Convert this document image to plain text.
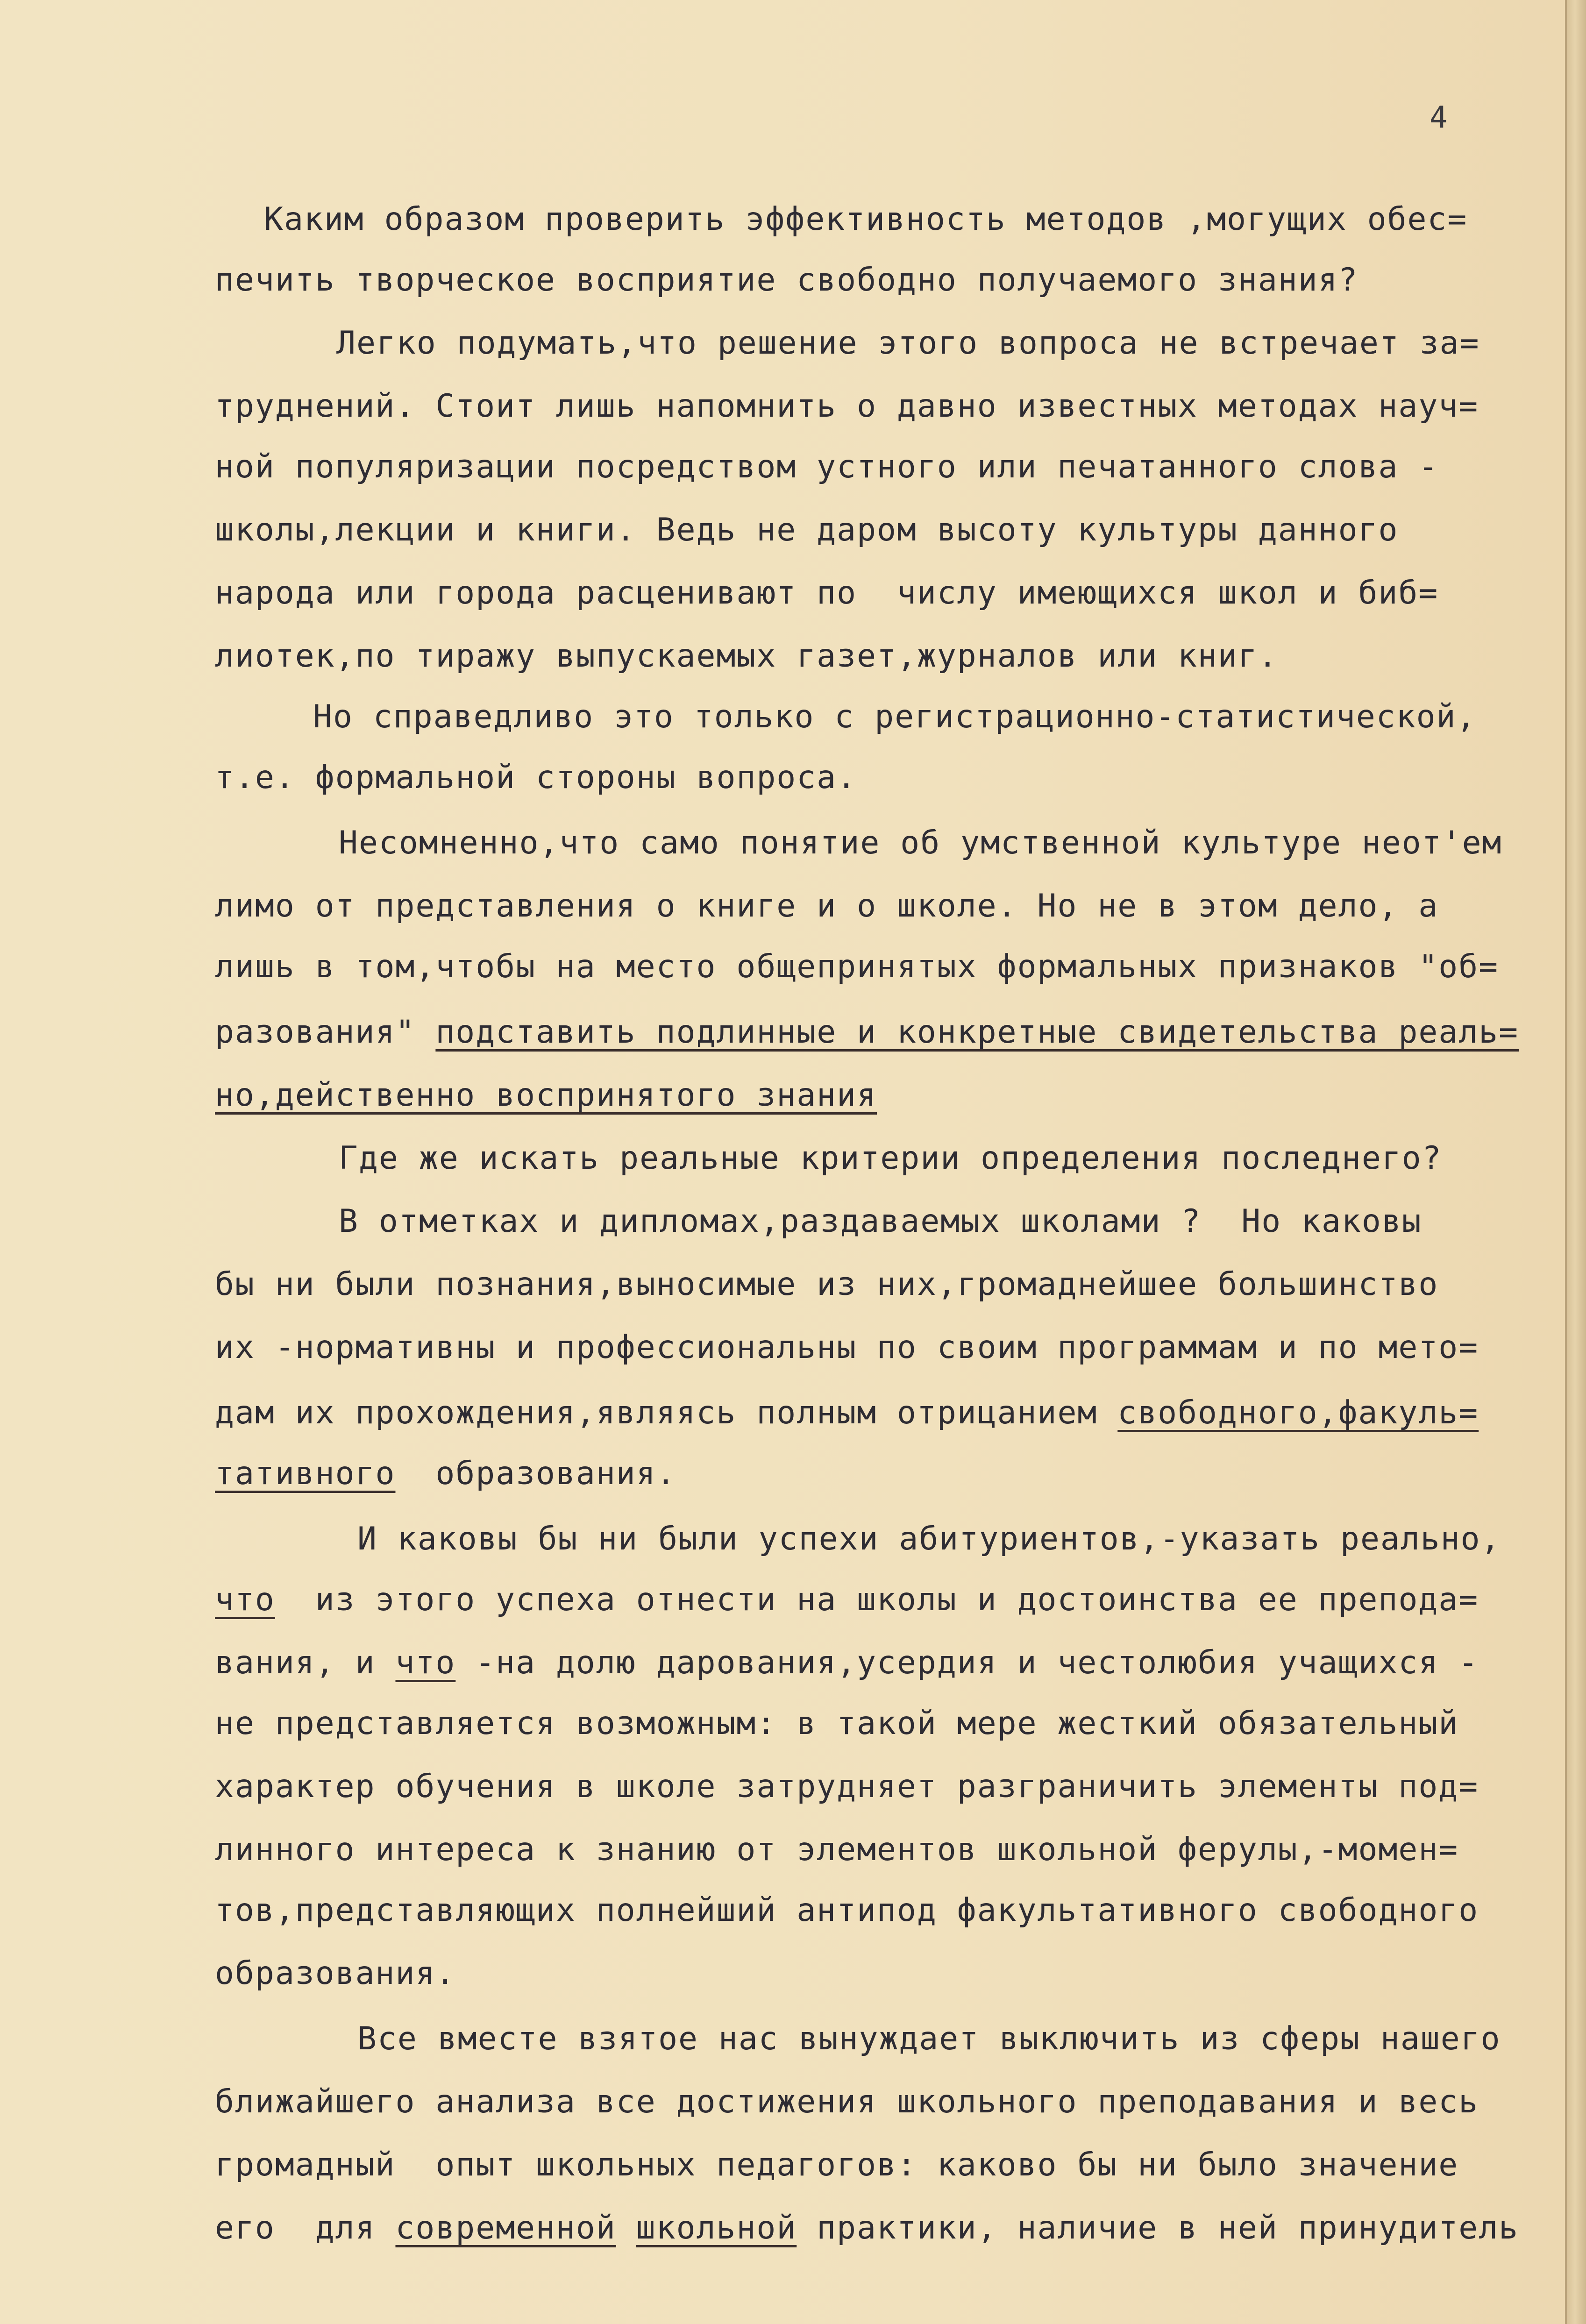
4
Каким образом проверить эффективность методов ,могущих обес=
печить творческое восприятие свободно получаемого знания?
Легко подумать,что решение этого вопроса не встречает за=
труднений. Стоит лишь напомнить о давно известных методах науч=
ной популяризации посредством устного или печатанного слова -
школы,лекции и книги. Ведь не даром высоту культуры данного
народа или города расценивают по  числу имеющихся школ и биб=
лиотек,по тиражу выпускаемых газет,журналов или книг.
Но справедливо это только с регистрационно-статистической,
т.е. формальной стороны вопроса.
Несомненно,что само понятие об умственной культуре неот'ем
лимо от представления о книге и о школе. Но не в этом дело, а
лишь в том,чтобы на место общепринятых формальных признаков "об=
разования" подставить подлинные и конкретные свидетельства реаль=
но,действенно воспринятого знания
Где же искать реальные критерии определения последнего?
В отметках и дипломах,раздаваемых школами ?  Но каковы
бы ни были познания,выносимые из них,громаднейшее большинство
их -нормативны и профессиональны по своим программам и по мето=
дам их прохождения,являясь полным отрицанием свободного,факуль=
тативного  образования.
И каковы бы ни были успехи абитуриентов,-указать реально,
что  из этого успеха отнести на школы и достоинства ее препода=
вания, и что -на долю дарования,усердия и честолюбия учащихся -
не представляется возможным: в такой мере жесткий обязательный
характер обучения в школе затрудняет разграничить элементы под=
линного интереса к знанию от элементов школьной ферулы,-момен=
тов,представляющих полнейший антипод факультативного свободного
образования.
Все вместе взятое нас вынуждает выключить из сферы нашего
ближайшего анализа все достижения школьного преподавания и весь
громадный  опыт школьных педагогов: каково бы ни было значение
его  для современной школьной практики, наличие в ней принудитель
